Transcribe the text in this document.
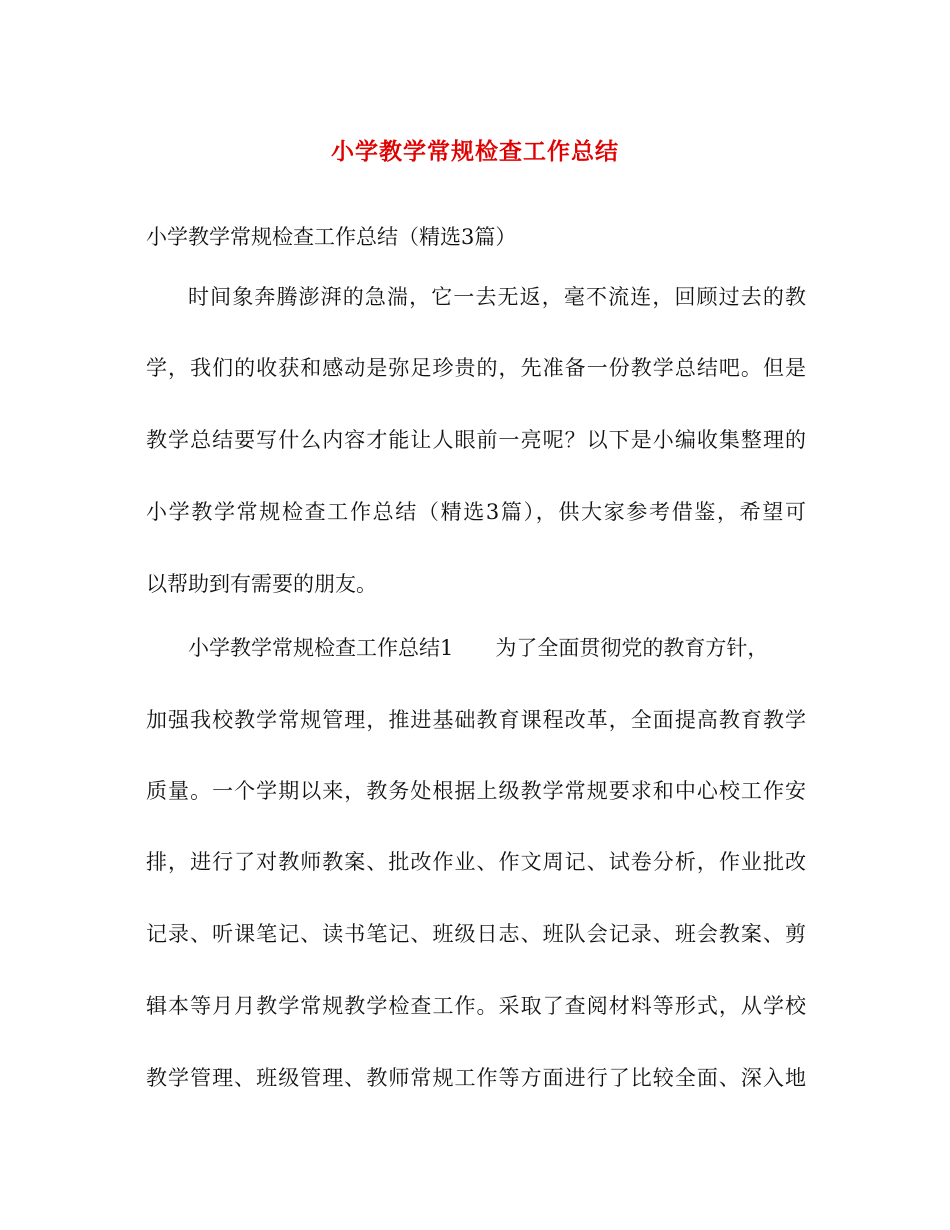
小学教学常规检查工作总结
小学教学常规检查工作总结（精选3篇）
时间象奔腾澎湃的急湍，它一去无返，毫不流连，回顾过去的教
学，我们的收获和感动是弥足珍贵的，先准备一份教学总结吧。但是
教学总结要写什么内容才能让人眼前一亮呢？以下是小编收集整理的
小学教学常规检查工作总结（精选3篇），供大家参考借鉴，希望可
以帮助到有需要的朋友。
小学教学常规检查工作总结1 为了全面贯彻党的教育方针，
加强我校教学常规管理，推进基础教育课程改革，全面提高教育教学
质量。一个学期以来，教务处根据上级教学常规要求和中心校工作安
排，进行了对教师教案、批改作业、作文周记、试卷分析，作业批改
记录、听课笔记、读书笔记、班级日志、班队会记录、班会教案、剪
辑本等月月教学常规教学检查工作。采取了查阅材料等形式，从学校
教学管理、班级管理、教师常规工作等方面进行了比较全面、深入地
